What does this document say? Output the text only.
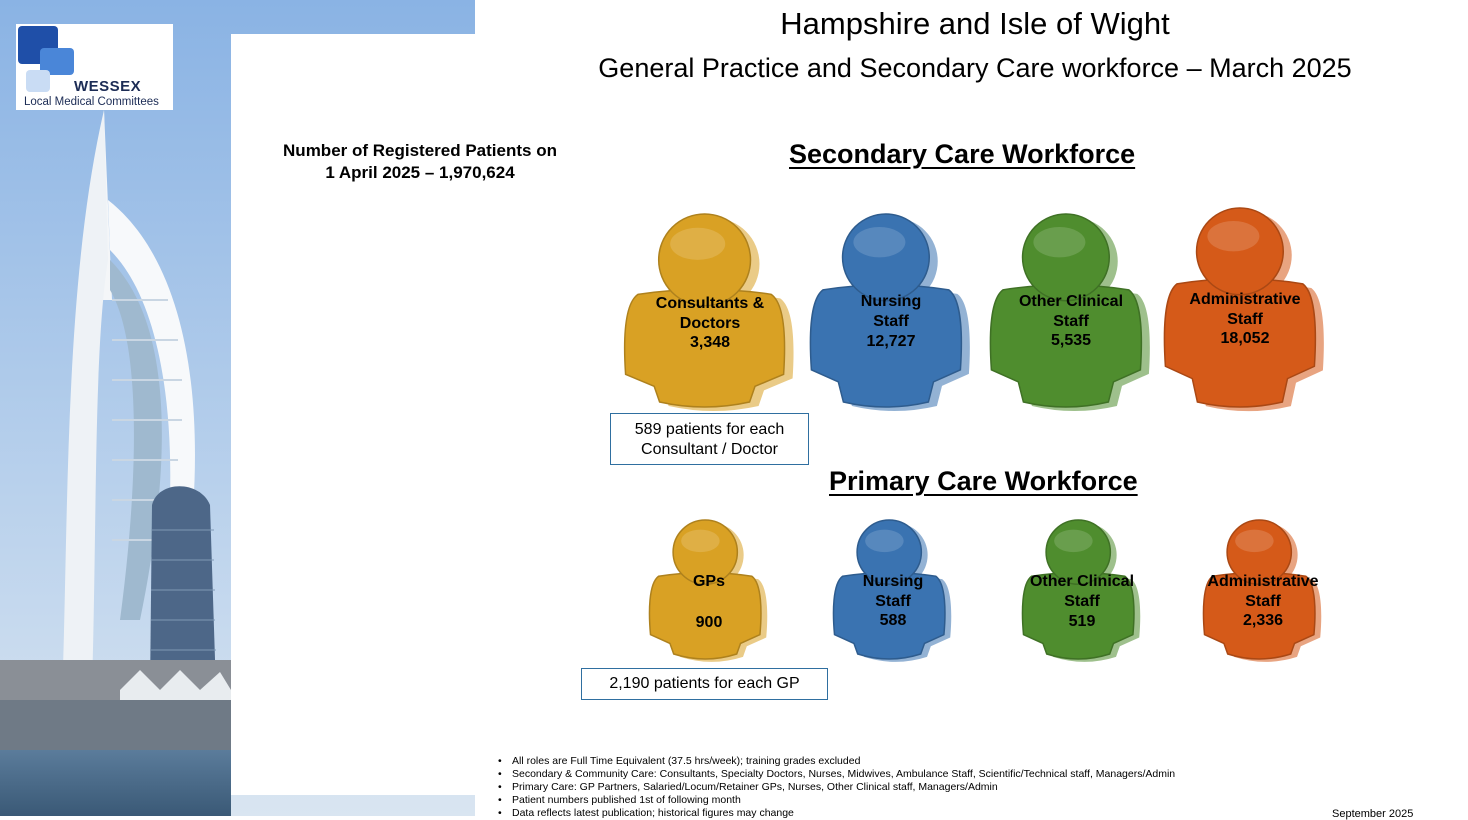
WESSEX
Local Medical Committees
Hampshire and Isle of Wight
General Practice and Secondary Care workforce – March 2025
Number of Registered Patients on
1 April 2025 – 1,970,624
Secondary Care Workforce
Consultants &
Doctors
3,348
Nursing
Staff
12,727
Other Clinical
Staff
5,535
Administrative
Staff
18,052
589 patients for each
Consultant / Doctor
Primary Care Workforce
GPs
900
Nursing
Staff
588
Other Clinical
Staff
519
Administrative
Staff
2,336
2,190 patients for each GP
• All roles are Full Time Equivalent (37.5 hrs/week); training grades excluded
• Secondary & Community Care: Consultants, Specialty Doctors, Nurses, Midwives, Ambulance Staff, Scientific/Technical staff, Managers/Admin
• Primary Care: GP Partners, Salaried/Locum/Retainer GPs, Nurses, Other Clinical staff, Managers/Admin
• Patient numbers published 1st of following month
• Data reflects latest publication; historical figures may change	September 2025
